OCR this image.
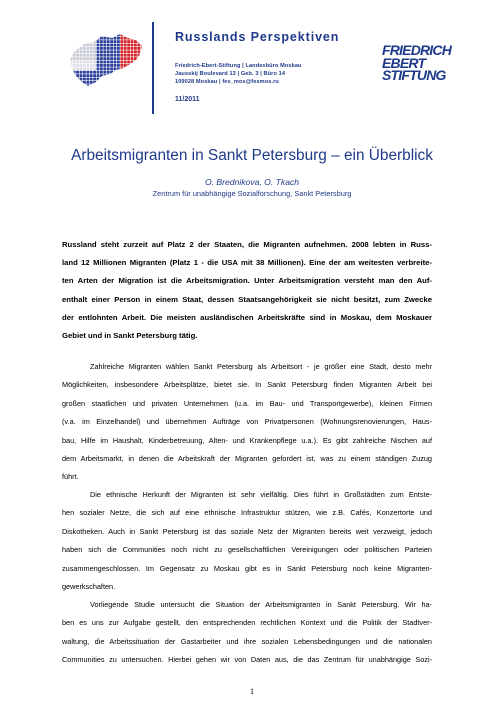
Russlands Perspektiven
Friedrich-Ebert-Stiftung | Landesbüro Moskau
Jausskij Boulevard 13 | Geb. 3 | Büro 14
109028 Moskau | fes_mos@fesmos.ru
11/2011
FRIEDRICH
EBERT
STIFTUNG
Arbeitsmigranten in Sankt Petersburg – ein Überblick
O. Brednikova, O. Tkach
Zentrum für unabhängige Sozialforschung, Sankt Petersburg
Russland steht zurzeit auf Platz 2 der Staaten, die Migranten aufnehmen. 2008 lebten in Russ-
land 12 Millionen Migranten (Platz 1 - die USA mit 38 Millionen). Eine der am weitesten verbreite-
ten Arten der Migration ist die Arbeitsmigration. Unter Arbeitsmigration versteht man den Auf-
enthalt einer Person in einem Staat, dessen Staatsangehörigkeit sie nicht besitzt, zum Zwecke
der entlohnten Arbeit. Die meisten ausländischen Arbeitskräfte sind in Moskau, dem Moskauer
Gebiet und in Sankt Petersburg tätig.
Zahlreiche Migranten wählen Sankt Petersburg als Arbeitsort - je größer eine Stadt, desto mehr
Möglichkeiten, insbesondere Arbeitsplätze, bietet sie. In Sankt Petersburg finden Migranten Arbeit bei
großen staatlichen und privaten Unternehmen (u.a. im Bau- und Transportgewerbe), kleinen Firmen
(v.a. im Einzelhandel) und übernehmen Aufträge von Privatpersonen (Wohnungsrenovierungen, Haus-
bau, Hilfe im Haushalt, Kinderbetreuung, Alten- und Krankenpflege u.a.). Es gibt zahlreiche Nischen auf
dem Arbeitsmarkt, in denen die Arbeitskraft der Migranten gefordert ist, was zu einem ständigen Zuzug
führt.
Die ethnische Herkunft der Migranten ist sehr vielfältig. Dies führt in Großstädten zum Entste-
hen sozialer Netze, die sich auf eine ethnische Infrastruktur stützen, wie z.B. Cafés, Konzertorte und
Diskotheken. Auch in Sankt Petersburg ist das soziale Netz der Migranten bereits weit verzweigt, jedoch
haben sich die Communities noch nicht zu gesellschaftlichen Vereinigungen oder politischen Parteien
zusammengeschlossen. Im Gegensatz zu Moskau gibt es in Sankt Petersburg noch keine Migranten-
gewerkschaften.
Vorliegende Studie untersucht die Situation der Arbeitsmigranten in Sankt Petersburg. Wir ha-
ben es uns zur Aufgabe gestellt, den entsprechenden rechtlichen Kontext und die Politik der Stadtver-
waltung, die Arbeitssituation der Gastarbeiter und ihre sozialen Lebensbedingungen und die nationalen
Communities zu untersuchen. Hierbei gehen wir von Daten aus, die das Zentrum für unabhängige Sozi-
1
